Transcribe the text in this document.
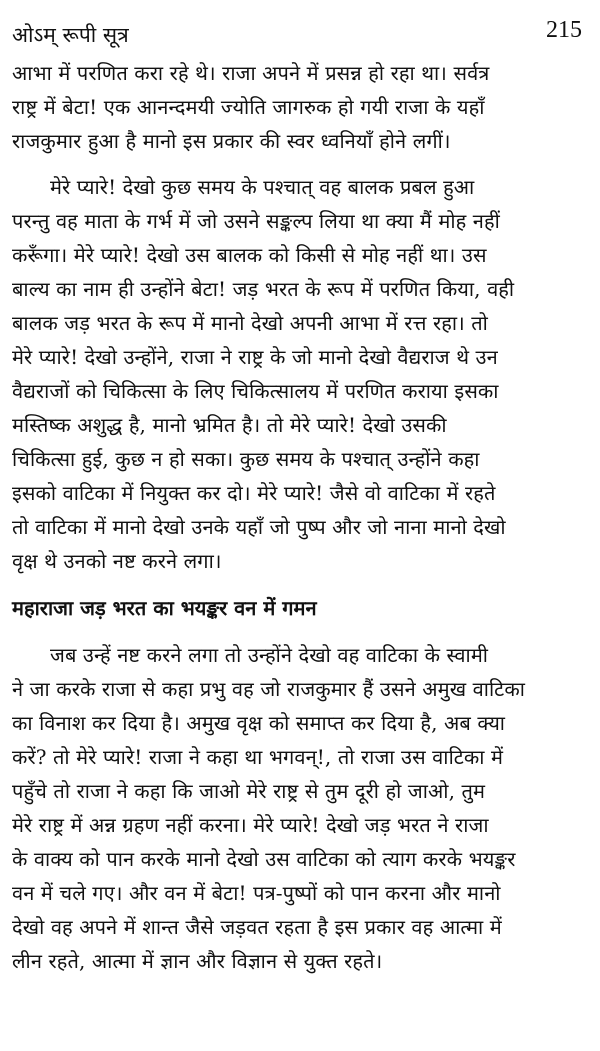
ओऽम् रूपी सूत्र	215

आभा में परणित करा रहे थे। राजा अपने में प्रसन्न हो रहा था। सर्वत्र
राष्ट्र में बेटा! एक आनन्दमयी ज्योति जागरुक हो गयी राजा के यहाँ
राजकुमार हुआ है मानो इस प्रकार की स्वर ध्वनियाँ होने लगीं।

मेरे प्यारे! देखो कुछ समय के पश्चात् वह बालक प्रबल हुआ
परन्तु वह माता के गर्भ में जो उसने सङ्कल्प लिया था क्या मैं मोह नहीं
करूँगा। मेरे प्यारे! देखो उस बालक को किसी से मोह नहीं था। उस
बाल्य का नाम ही उन्होंने बेटा! जड़ भरत के रूप में परणित किया, वही
बालक जड़ भरत के रूप में मानो देखो अपनी आभा में रत्त रहा। तो
मेरे प्यारे! देखो उन्होंने, राजा ने राष्ट्र के जो मानो देखो वैद्यराज थे उन
वैद्यराजों को चिकित्सा के लिए चिकित्सालय में परणित कराया इसका
मस्तिष्क अशुद्ध है, मानो भ्रमित है। तो मेरे प्यारे! देखो उसकी
चिकित्सा हुई, कुछ न हो सका। कुछ समय के पश्चात् उन्होंने कहा
इसको वाटिका में नियुक्त कर दो। मेरे प्यारे! जैसे वो वाटिका में रहते
तो वाटिका में मानो देखो उनके यहाँ जो पुष्प और जो नाना मानो देखो
वृक्ष थे उनको नष्ट करने लगा।

महाराजा जड़ भरत का भयङ्कर वन में गमन

जब उन्हें नष्ट करने लगा तो उन्होंने देखो वह वाटिका के स्वामी
ने जा करके राजा से कहा प्रभु वह जो राजकुमार हैं उसने अमुख वाटिका
का विनाश कर दिया है। अमुख वृक्ष को समाप्त कर दिया है, अब क्या
करें? तो मेरे प्यारे! राजा ने कहा था भगवन्!, तो राजा उस वाटिका में
पहुँचे तो राजा ने कहा कि जाओ मेरे राष्ट्र से तुम दूरी हो जाओ, तुम
मेरे राष्ट्र में अन्न ग्रहण नहीं करना। मेरे प्यारे! देखो जड़ भरत ने राजा
के वाक्य को पान करके मानो देखो उस वाटिका को त्याग करके भयङ्कर
वन में चले गए। और वन में बेटा! पत्र-पुष्पों को पान करना और मानो
देखो वह अपने में शान्त जैसे जड़वत रहता है इस प्रकार वह आत्मा में
लीन रहते, आत्मा में ज्ञान और विज्ञान से युक्त रहते।
